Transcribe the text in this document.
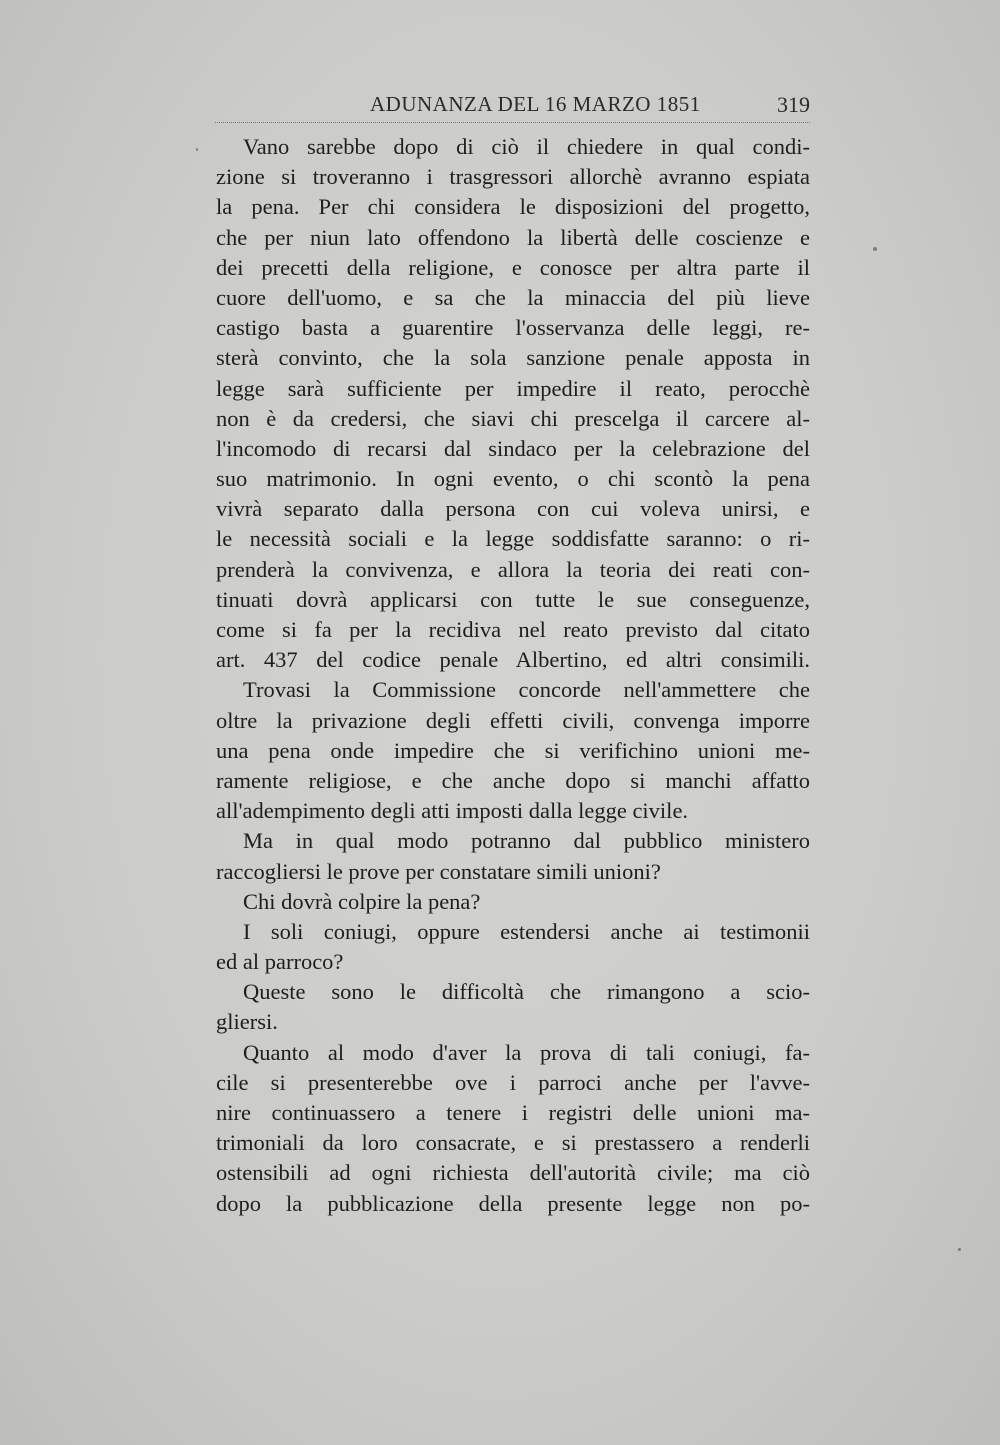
ADUNANZA DEL 16 MARZO 1851	319
Vano sarebbe dopo di ciò il chiedere in qual condi-
zione si troveranno i trasgressori allorchè avranno espiata
la pena. Per chi considera le disposizioni del progetto,
che per niun lato offendono la libertà delle coscienze e
dei precetti della religione, e conosce per altra parte il
cuore dell'uomo, e sa che la minaccia del più lieve
castigo basta a guarentire l'osservanza delle leggi, re-
sterà convinto, che la sola sanzione penale apposta in
legge sarà sufficiente per impedire il reato, perocchè
non è da credersi, che siavi chi prescelga il carcere al-
l'incomodo di recarsi dal sindaco per la celebrazione del
suo matrimonio. In ogni evento, o chi scontò la pena
vivrà separato dalla persona con cui voleva unirsi, e
le necessità sociali e la legge soddisfatte saranno: o ri-
prenderà la convivenza, e allora la teoria dei reati con-
tinuati dovrà applicarsi con tutte le sue conseguenze,
come si fa per la recidiva nel reato previsto dal citato
art. 437 del codice penale Albertino, ed altri consimili.
Trovasi la Commissione concorde nell'ammettere che
oltre la privazione degli effetti civili, convenga imporre
una pena onde impedire che si verifichino unioni me-
ramente religiose, e che anche dopo si manchi affatto
all'adempimento degli atti imposti dalla legge civile.
Ma in qual modo potranno dal pubblico ministero
raccogliersi le prove per constatare simili unioni?
Chi dovrà colpire la pena?
I soli coniugi, oppure estendersi anche ai testimonii
ed al parroco?
Queste sono le difficoltà che rimangono a scio-
gliersi.
Quanto al modo d'aver la prova di tali coniugi, fa-
cile si presenterebbe ove i parroci anche per l'avve-
nire continuassero a tenere i registri delle unioni ma-
trimoniali da loro consacrate, e si prestassero a renderli
ostensibili ad ogni richiesta dell'autorità civile; ma ciò
dopo la pubblicazione della presente legge non po-
